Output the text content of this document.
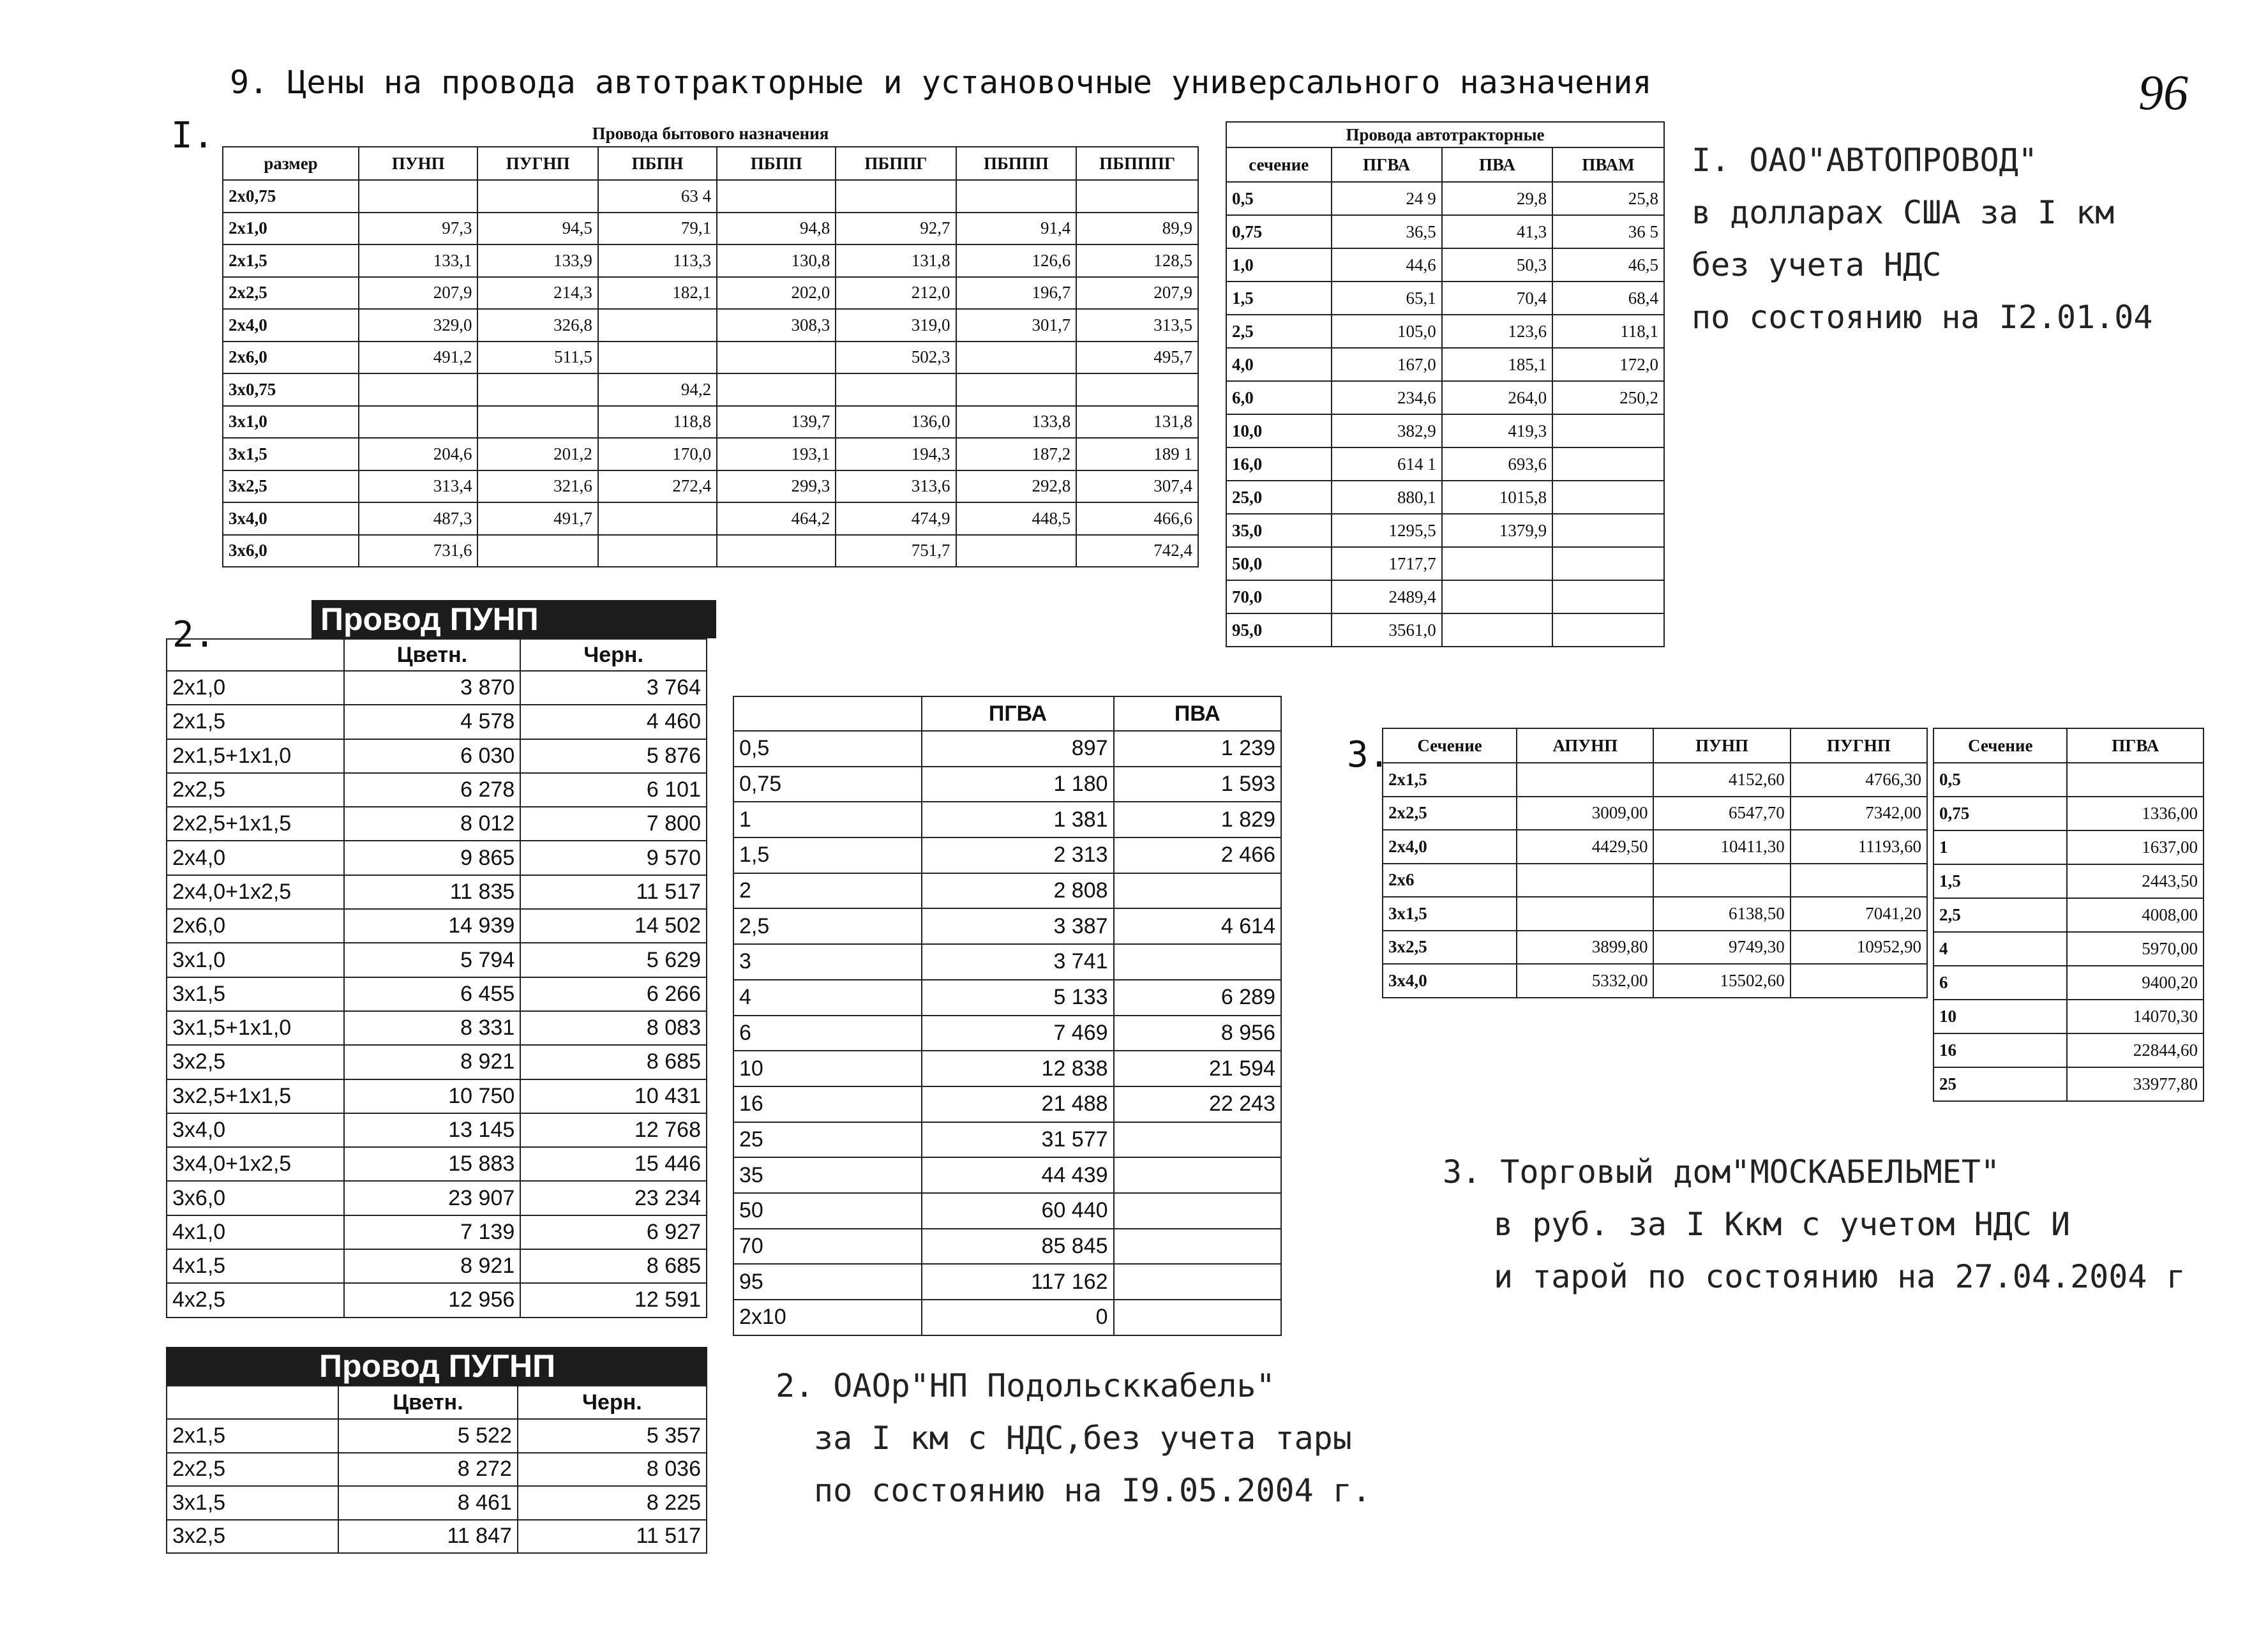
9. Цены на провода автотракторные и установочные универсального назначения	96
I.
2.
3.
Провода бытового назначения							
размер	ПУНП	ПУГНП	ПБПН	ПБПП	ПБППГ	ПБППП	ПБПППГ
2x0,75			63 4				
2x1,0	97,3	94,5	79,1	94,8	92,7	91,4	89,9
2x1,5	133,1	133,9	113,3	130,8	131,8	126,6	128,5
2x2,5	207,9	214,3	182,1	202,0	212,0	196,7	207,9
2x4,0	329,0	326,8		308,3	319,0	301,7	313,5
2x6,0	491,2	511,5			502,3		495,7
3x0,75			94,2				
3x1,0			118,8	139,7	136,0	133,8	131,8
3x1,5	204,6	201,2	170,0	193,1	194,3	187,2	189 1
3x2,5	313,4	321,6	272,4	299,3	313,6	292,8	307,4
3x4,0	487,3	491,7		464,2	474,9	448,5	466,6
3x6,0	731,6				751,7		742,4
Провода автотракторные			
сечение	ПГВА	ПВА	ПВАМ
0,5	24 9	29,8	25,8
0,75	36,5	41,3	36 5
1,0	44,6	50,3	46,5
1,5	65,1	70,4	68,4
2,5	105,0	123,6	118,1
4,0	167,0	185,1	172,0
6,0	234,6	264,0	250,2
10,0	382,9	419,3	
16,0	614 1	693,6	
25,0	880,1	1015,8	
35,0	1295,5	1379,9	
50,0	1717,7		
70,0	2489,4		
95,0	3561,0		
Провод ПУНП
	Цветн.	Черн.
2x1,0	3 870	3 764
2x1,5	4 578	4 460
2x1,5+1x1,0	6 030	5 876
2x2,5	6 278	6 101
2x2,5+1x1,5	8 012	7 800
2x4,0	9 865	9 570
2x4,0+1x2,5	11 835	11 517
2x6,0	14 939	14 502
3x1,0	5 794	5 629
3x1,5	6 455	6 266
3x1,5+1x1,0	8 331	8 083
3x2,5	8 921	8 685
3x2,5+1x1,5	10 750	10 431
3x4,0	13 145	12 768
3x4,0+1x2,5	15 883	15 446
3x6,0	23 907	23 234
4x1,0	7 139	6 927
4x1,5	8 921	8 685
4x2,5	12 956	12 591
Провод ПУГНП
	Цветн.	Черн.
2x1,5	5 522	5 357
2x2,5	8 272	8 036
3x1,5	8 461	8 225
3x2,5	11 847	11 517
	ПГВА	ПВА
0,5	897	1 239
0,75	1 180	1 593
1	1 381	1 829
1,5	2 313	2 466
2	2 808	
2,5	3 387	4 614
3	3 741	
4	5 133	6 289
6	7 469	8 956
10	12 838	21 594
16	21 488	22 243
25	31 577	
35	44 439	
50	60 440	
70	85 845	
95	117 162	
2x10	0	
Сечение	АПУНП	ПУНП	ПУГНП
2x1,5		4152,60	4766,30
2x2,5	3009,00	6547,70	7342,00
2x4,0	4429,50	10411,30	11193,60
2x6			
3x1,5		6138,50	7041,20
3x2,5	3899,80	9749,30	10952,90
3x4,0	5332,00	15502,60	
Сечение	ПГВА
0,5	
0,75	1336,00
1	1637,00
1,5	2443,50
2,5	4008,00
4	5970,00
6	9400,20
10	14070,30
16	22844,60
25	33977,80
I. ОАО"АВТОПРОВОД"
в долларах США за I км
без учета НДС
по состоянию на I2.01.04
2. ОАОр"НП Подольсккабель"
за I км с НДС,без учета тары
по состоянию на I9.05.2004 г.
3. Торговый дом"МОСКАБЕЛЬМЕТ"
в руб. за I Ккм с учетом НДС И
и тарой по состоянию на 27.04.2004 г
